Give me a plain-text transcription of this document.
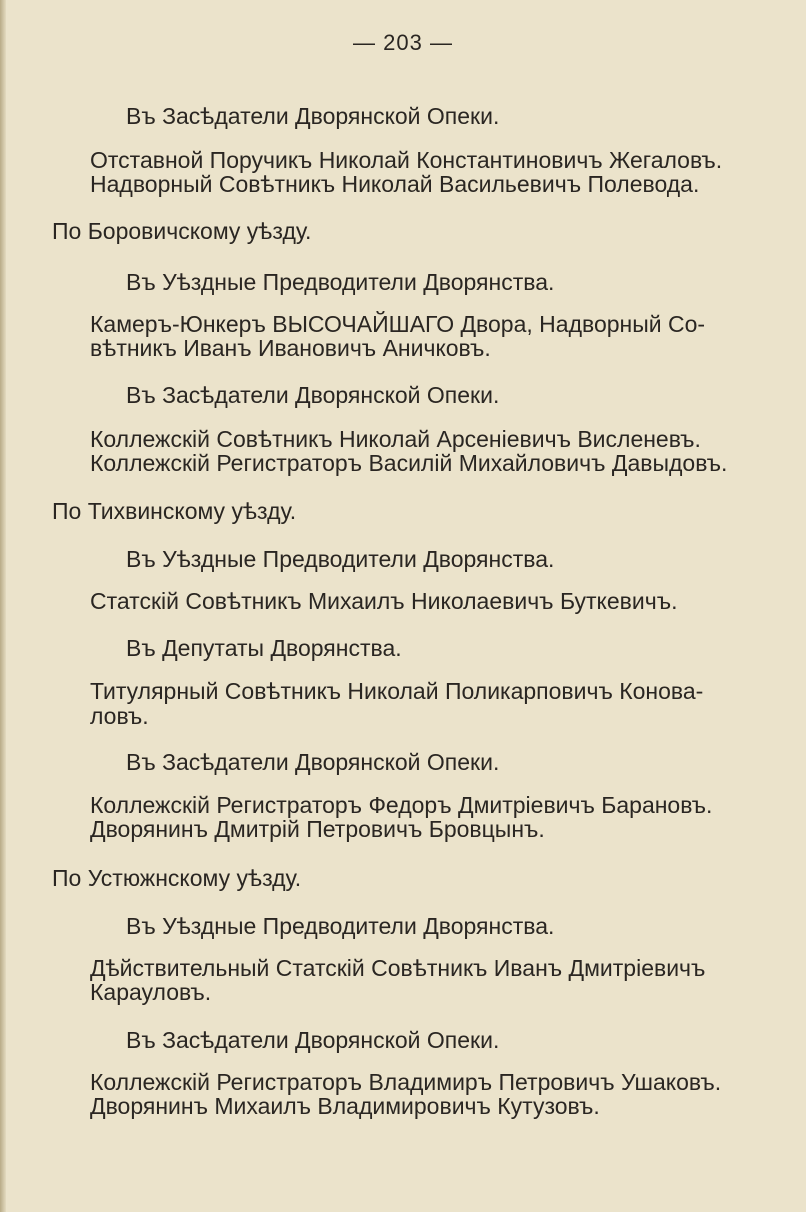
— 203 —
Въ Засѣдатели Дворянской Опеки.
Отставной Поручикъ Николай Константиновичъ Жегаловъ.
Надворный Совѣтникъ Николай Васильевичъ Полевода.
По Боровичскому уѣзду.
Въ Уѣздные Предводители Дворянства.
Камеръ-Юнкеръ ВЫСОЧАЙШАГО Двора, Надворный Со-
вѣтникъ Иванъ Ивановичъ Аничковъ.
Въ Засѣдатели Дворянской Опеки.
Коллежскій Совѣтникъ Николай Арсеніевичъ Висленевъ.
Коллежскій Регистраторъ Василій Михайловичъ Давыдовъ.
По Тихвинскому уѣзду.
Въ Уѣздные Предводители Дворянства.
Статскій Совѣтникъ Михаилъ Николаевичъ Буткевичъ.
Въ Депутаты Дворянства.
Титулярный Совѣтникъ Николай Поликарповичъ Конова-
ловъ.
Въ Засѣдатели Дворянской Опеки.
Коллежскій Регистраторъ Федоръ Дмитріевичъ Барановъ.
Дворянинъ Дмитрій Петровичъ Бровцынъ.
По Устюжнскому уѣзду.
Въ Уѣздные Предводители Дворянства.
Дѣйствительный Статскій Совѣтникъ Иванъ Дмитріевичъ
Карауловъ.
Въ Засѣдатели Дворянской Опеки.
Коллежскій Регистраторъ Владимиръ Петровичъ Ушаковъ.
Дворянинъ Михаилъ Владимировичъ Кутузовъ.
